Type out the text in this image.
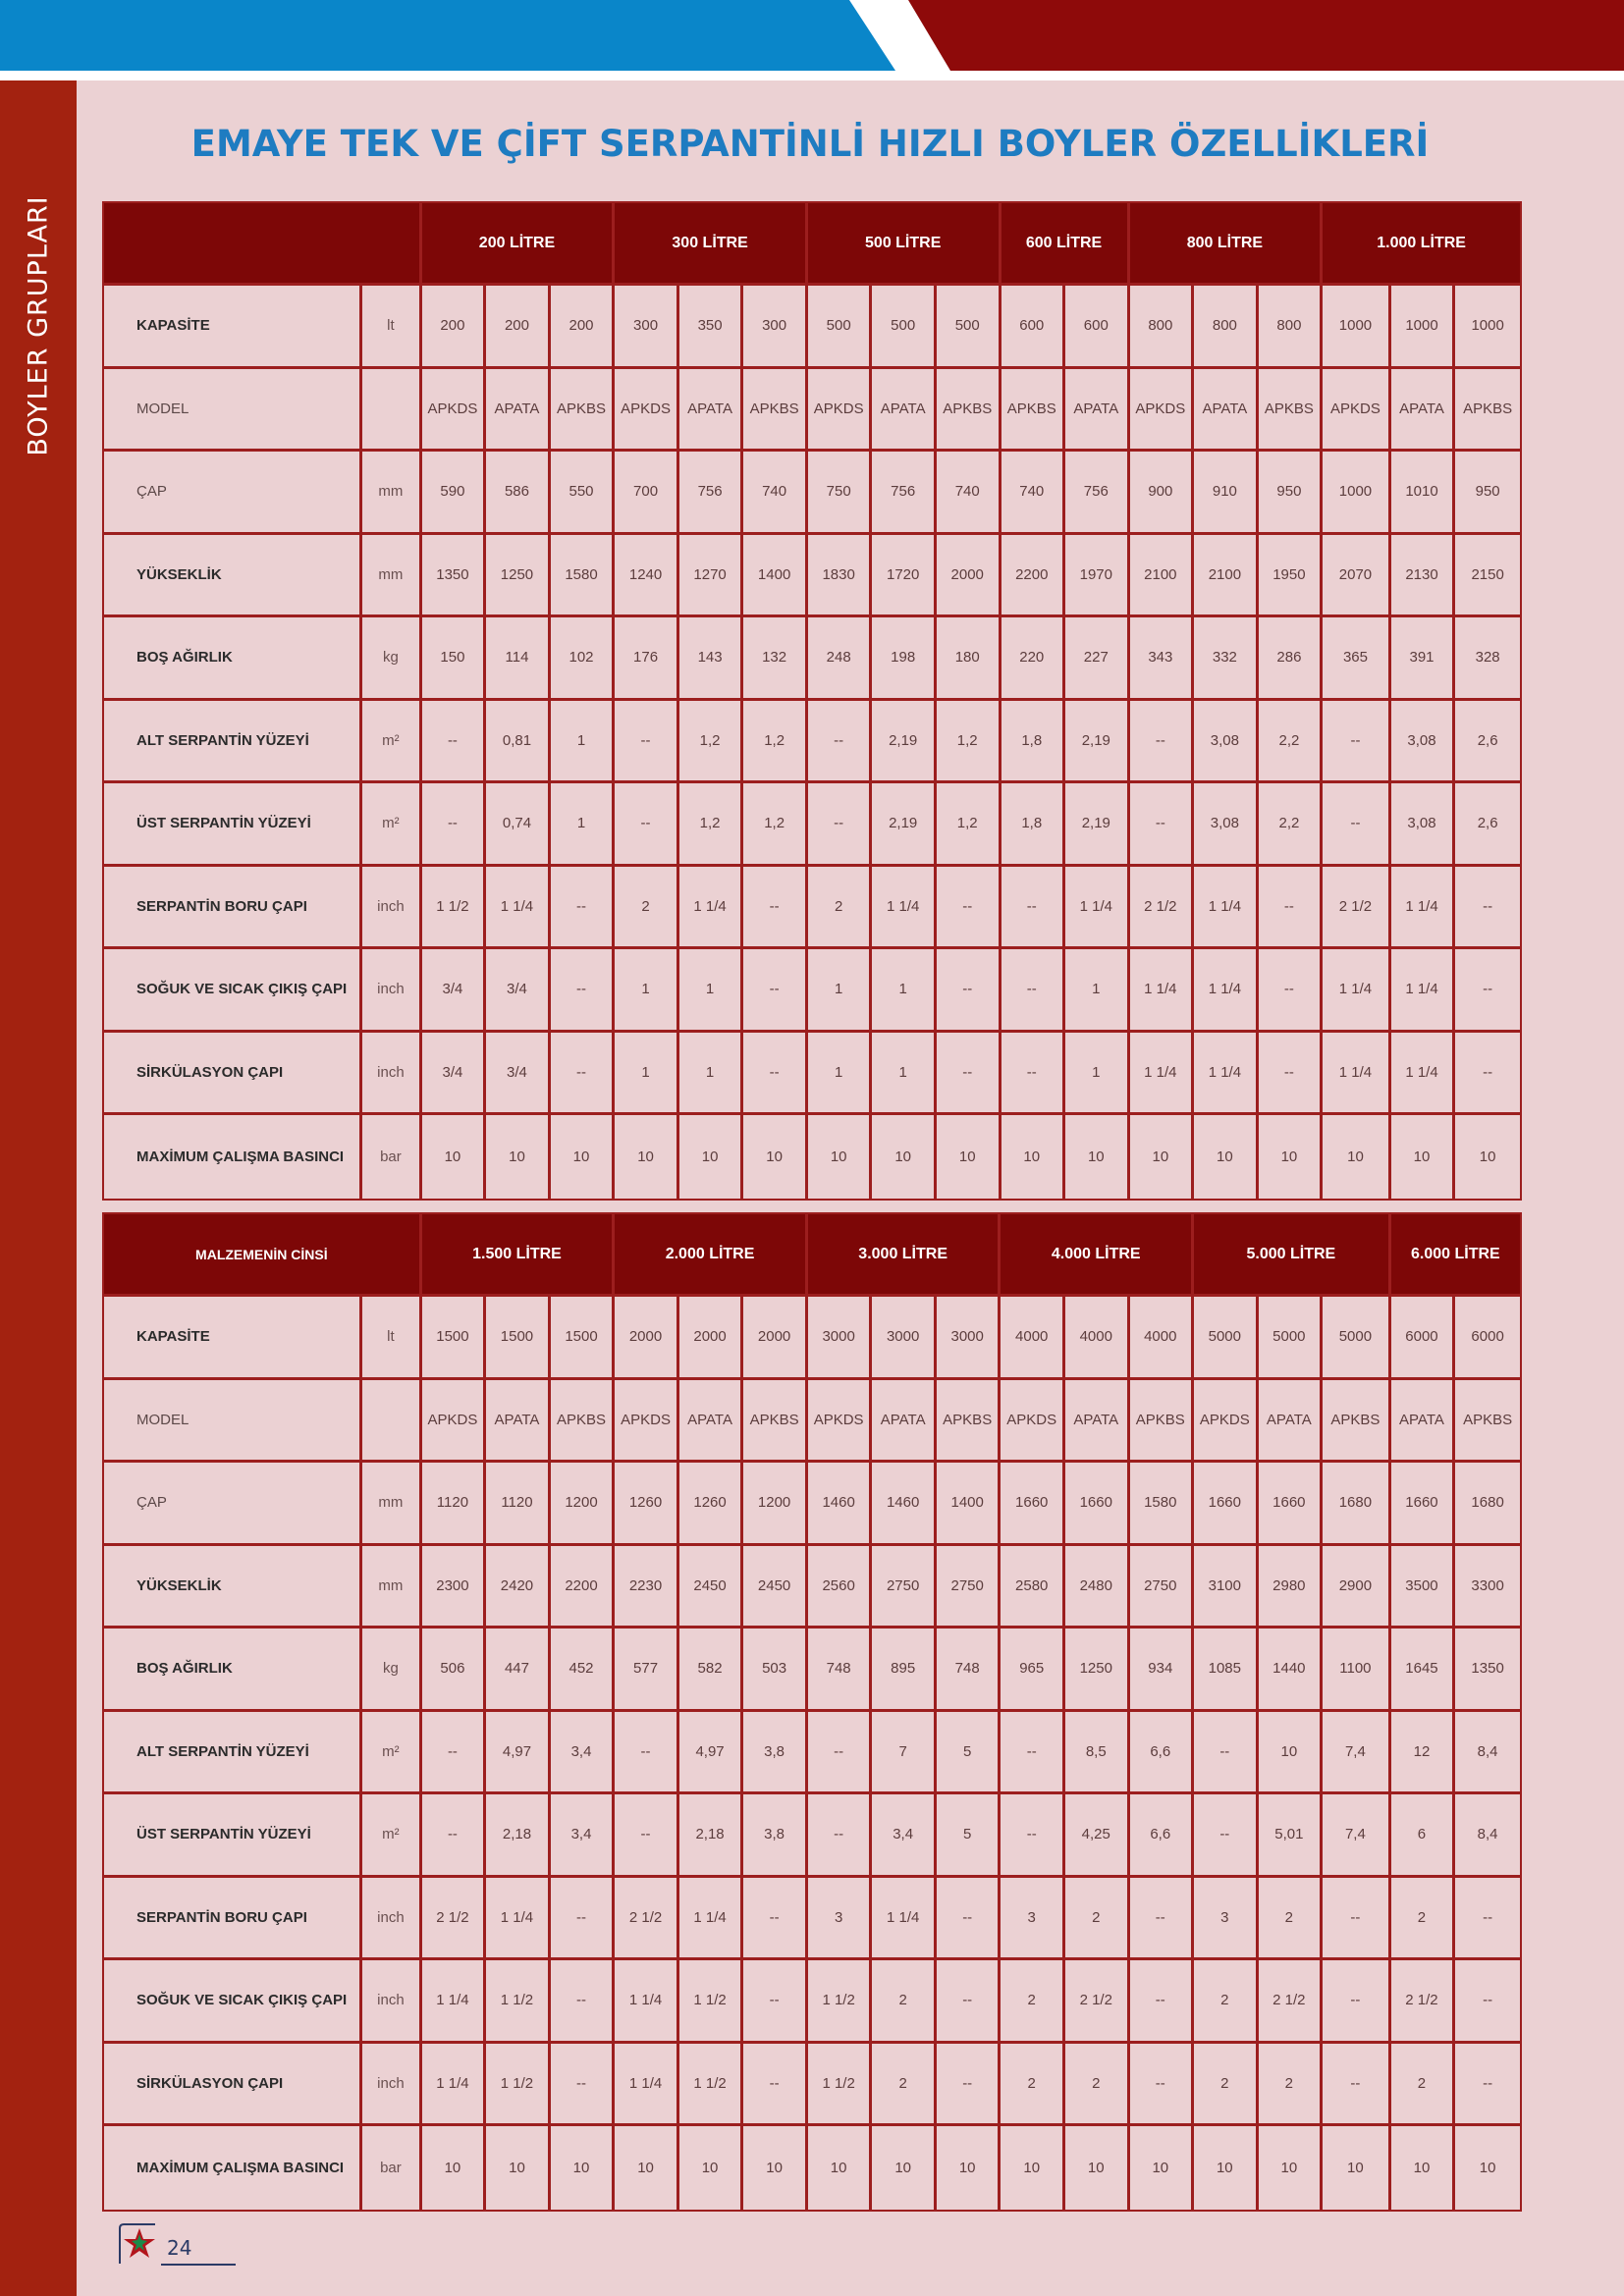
BOYLER GRUPLARI
EMAYE TEK VE ÇİFT SERPANTİNLİ HIZLI BOYLER ÖZELLİKLERİ
		200 LİTRE			300 LİTRE			500 LİTRE			600 LİTRE		800 LİTRE			1.000 LİTRE		
KAPASİTE	lt	200	200	200	300	350	300	500	500	500	600	600	800	800	800	1000	1000	1000
MODEL		APKDS	APATA	APKBS	APKDS	APATA	APKBS	APKDS	APATA	APKBS	APKBS	APATA	APKDS	APATA	APKBS	APKDS	APATA	APKBS
ÇAP	mm	590	586	550	700	756	740	750	756	740	740	756	900	910	950	1000	1010	950
YÜKSEKLİK	mm	1350	1250	1580	1240	1270	1400	1830	1720	2000	2200	1970	2100	2100	1950	2070	2130	2150
BOŞ AĞIRLIK	kg	150	114	102	176	143	132	248	198	180	220	227	343	332	286	365	391	328
ALT SERPANTİN YÜZEYİ	m²	--	0,81	1	--	1,2	1,2	--	2,19	1,2	1,8	2,19	--	3,08	2,2	--	3,08	2,6
ÜST SERPANTİN YÜZEYİ	m²	--	0,74	1	--	1,2	1,2	--	2,19	1,2	1,8	2,19	--	3,08	2,2	--	3,08	2,6
SERPANTİN BORU ÇAPI	inch	1 1/2	1 1/4	--	2	1 1/4	--	2	1 1/4	--	--	1 1/4	2 1/2	1 1/4	--	2 1/2	1 1/4	--
SOĞUK VE SICAK ÇIKIŞ ÇAPI	inch	3/4	3/4	--	1	1	--	1	1	--	--	1	1 1/4	1 1/4	--	1 1/4	1 1/4	--
SİRKÜLASYON ÇAPI	inch	3/4	3/4	--	1	1	--	1	1	--	--	1	1 1/4	1 1/4	--	1 1/4	1 1/4	--
MAXİMUM ÇALIŞMA BASINCI	bar	10	10	10	10	10	10	10	10	10	10	10	10	10	10	10	10	10
MALZEMENİN CİNSİ		1.500 LİTRE			2.000 LİTRE			3.000 LİTRE			4.000 LİTRE			5.000 LİTRE			6.000 LİTRE	
KAPASİTE	lt	1500	1500	1500	2000	2000	2000	3000	3000	3000	4000	4000	4000	5000	5000	5000	6000	6000
MODEL		APKDS	APATA	APKBS	APKDS	APATA	APKBS	APKDS	APATA	APKBS	APKDS	APATA	APKBS	APKDS	APATA	APKBS	APATA	APKBS
ÇAP	mm	1120	1120	1200	1260	1260	1200	1460	1460	1400	1660	1660	1580	1660	1660	1680	1660	1680
YÜKSEKLİK	mm	2300	2420	2200	2230	2450	2450	2560	2750	2750	2580	2480	2750	3100	2980	2900	3500	3300
BOŞ AĞIRLIK	kg	506	447	452	577	582	503	748	895	748	965	1250	934	1085	1440	1100	1645	1350
ALT SERPANTİN YÜZEYİ	m²	--	4,97	3,4	--	4,97	3,8	--	7	5	--	8,5	6,6	--	10	7,4	12	8,4
ÜST SERPANTİN YÜZEYİ	m²	--	2,18	3,4	--	2,18	3,8	--	3,4	5	--	4,25	6,6	--	5,01	7,4	6	8,4
SERPANTİN BORU ÇAPI	inch	2 1/2	1 1/4	--	2 1/2	1 1/4	--	3	1 1/4	--	3	2	--	3	2	--	2	--
SOĞUK VE SICAK ÇIKIŞ ÇAPI	inch	1 1/4	1 1/2	--	1 1/4	1 1/2	--	1 1/2	2	--	2	2 1/2	--	2	2 1/2	--	2 1/2	--
SİRKÜLASYON ÇAPI	inch	1 1/4	1 1/2	--	1 1/4	1 1/2	--	1 1/2	2	--	2	2	--	2	2	--	2	--
MAXİMUM ÇALIŞMA BASINCI	bar	10	10	10	10	10	10	10	10	10	10	10	10	10	10	10	10	10
24
